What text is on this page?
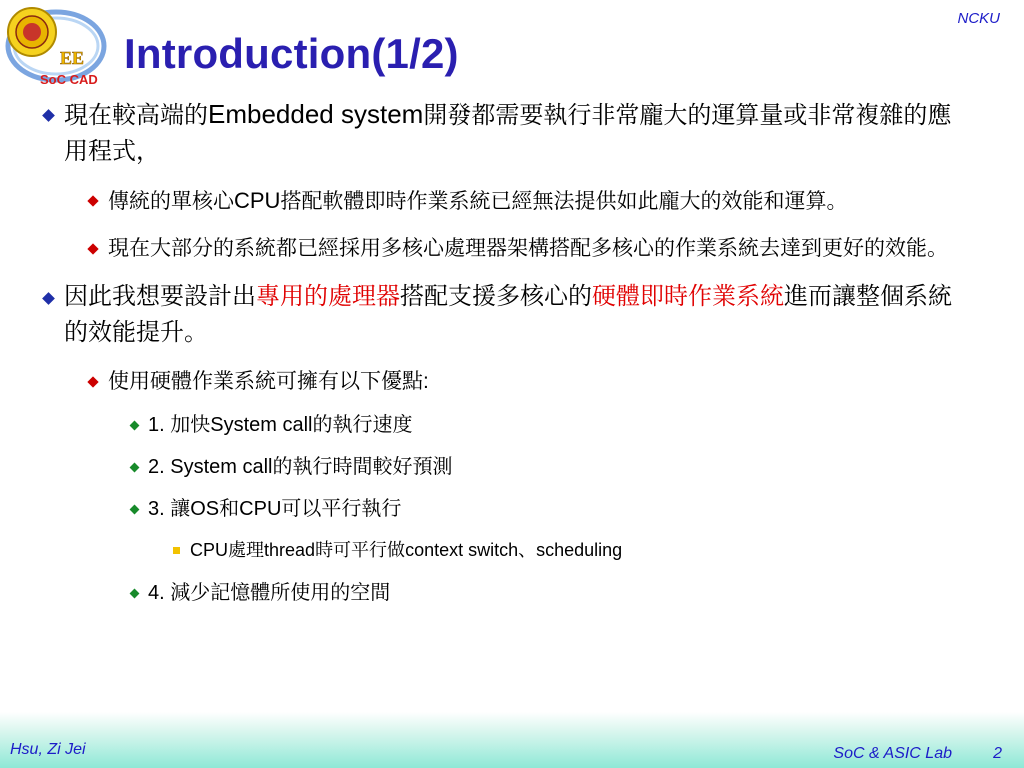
EE
SoC CAD
NCKU
Introduction(1/2)
現在較高端的Embedded system開發都需要執行非常龐大的運算量或非常複雜的應用程式，
傳統的單核心CPU搭配軟體即時作業系統已經無法提供如此龐大的效能和運算。
現在大部分的系統都已經採用多核心處理器架構搭配多核心的作業系統去達到更好的效能。
因此我想要設計出專用的處理器搭配支援多核心的硬體即時作業系統進而讓整個系統的效能提升。
使用硬體作業系統可擁有以下優點:
1. 加快System call的執行速度
2. System call的執行時間較好預測
3. 讓OS和CPU可以平行執行
CPU處理thread時可平行做context switch、scheduling
4. 減少記憶體所使用的空間
Hsu, Zi Jei	SoC & ASIC Lab	2
